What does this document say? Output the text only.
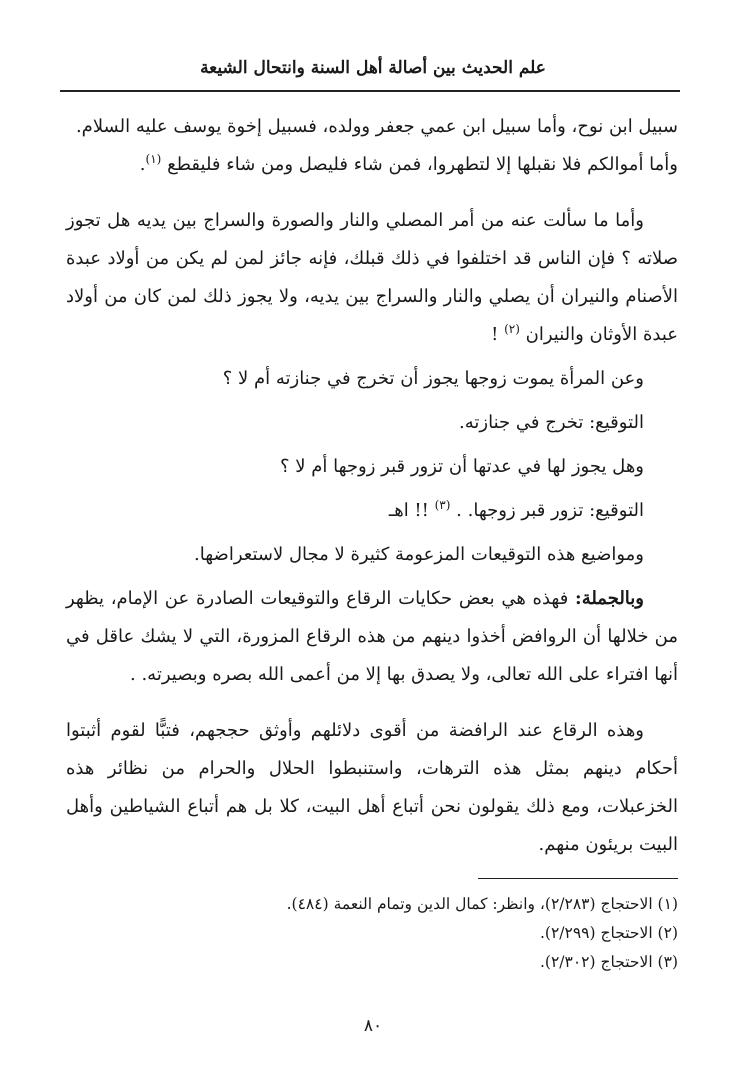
علم الحديث بين أصالة أهل السنة وانتحال الشيعة

سبيل ابن نوح، وأما سبيل ابن عمي جعفر وولده، فسبيل إخوة يوسف عليه السلام.
وأما أموالكم فلا نقبلها إلا لتطهروا، فمن شاء فليصل ومن شاء فليقطع $^{(١)}$.

وأما ما سألت عنه من أمر المصلي والنار والصورة والسراج بين يديه هل تجوز صلاته ؟ فإن الناس قد اختلفوا في ذلك قبلك، فإنه جائز لمن لم يكن من أولاد عبدة الأصنام والنيران أن يصلي والنار والسراج بين يديه، ولا يجوز ذلك لمن كان من أولاد عبدة الأوثان والنيران $^{(٢)}$ !

وعن المرأة يموت زوجها يجوز أن تخرج في جنازته أم لا ؟

التوقيع: تخرج في جنازته.

وهل يجوز لها في عدتها أن تزور قبر زوجها أم لا ؟

التوقيع: تزور قبر زوجها. . $^{(٣)}$ !! اهـ

ومواضيع هذه التوقيعات المزعومة كثيرة لا مجال لاستعراضها.

وبالجملة: فهذه هي بعض حكايات الرقاع والتوقيعات الصادرة عن الإمام، يظهر من خلالها أن الروافض أخذوا دينهم من هذه الرقاع المزورة، التي لا يشك عاقل في أنها افتراء على الله تعالى، ولا يصدق بها إلا من أعمى الله بصره وبصيرته. .

وهذه الرقاع عند الرافضة من أقوى دلائلهم وأوثق حججهم، فتبًّا لقوم أثبتوا أحكام دينهم بمثل هذه الترهات، واستنبطوا الحلال والحرام من نظائر هذه الخزعبلات، ومع ذلك يقولون نحن أتباع أهل البيت، كلا بل هم أتباع الشياطين وأهل البيت بريئون منهم.

(١) الاحتجاج (٢/٢٨٣)، وانظر: كمال الدين وتمام النعمة (٤٨٤).

(٢) الاحتجاج (٢/٢٩٩).

(٣) الاحتجاج (٢/٣٠٢).

٨٠
